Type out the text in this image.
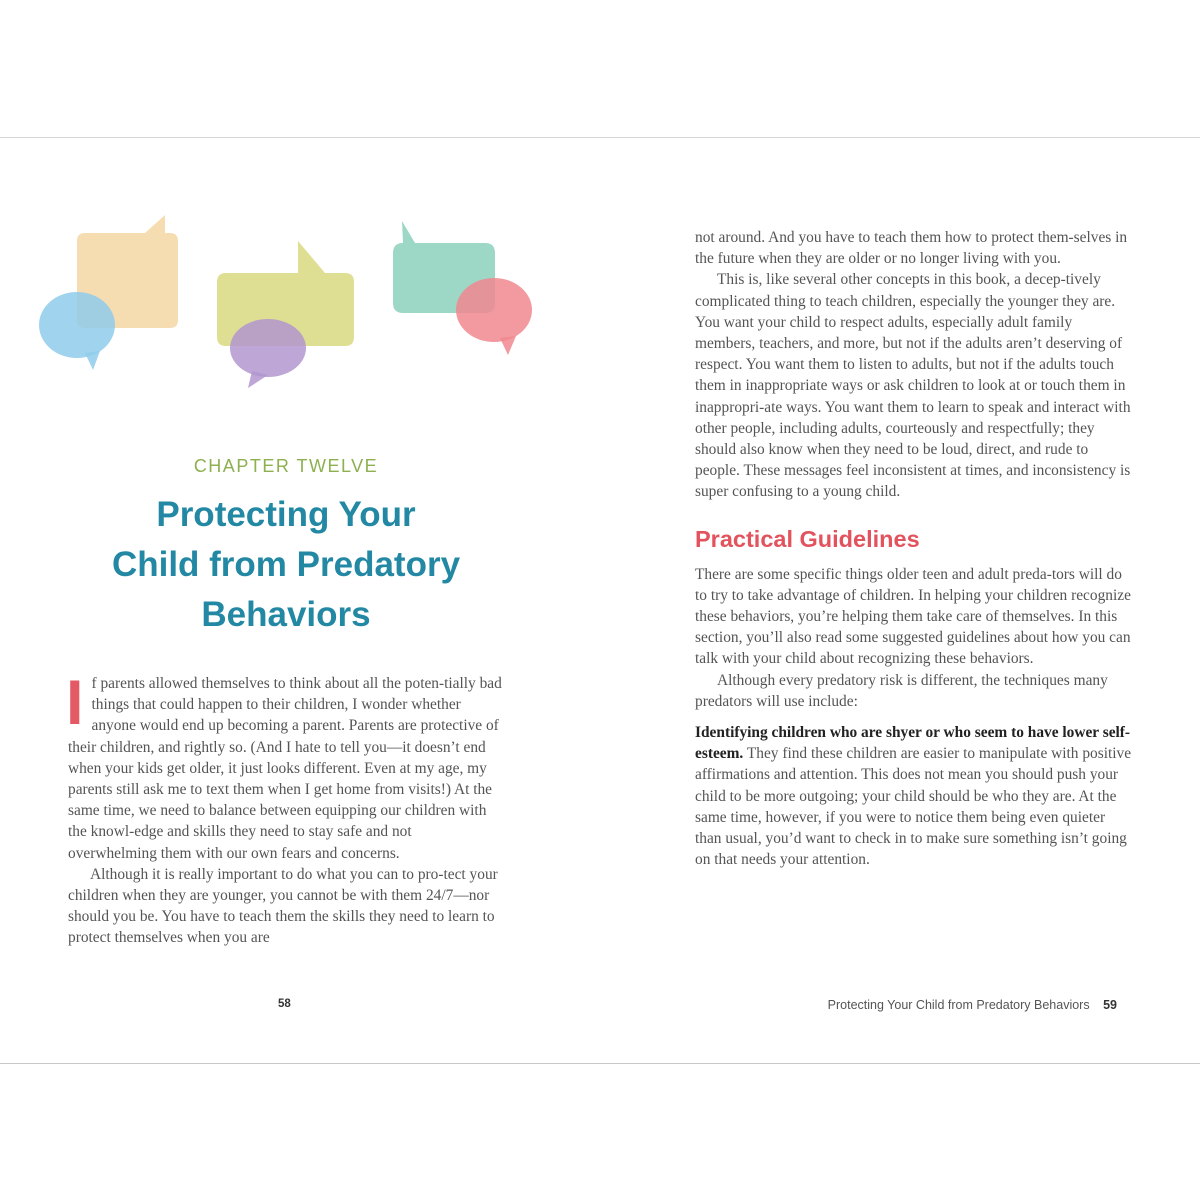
CHAPTER TWELVE
Protecting Your
Child from Predatory
Behaviors

If parents allowed themselves to think about all the poten-tially bad things that could happen to their children, I wonder whether anyone would end up becoming a parent. Parents are protective of their children, and rightly so. (And I hate to tell you—it doesn’t end when your kids get older, it just looks different. Even at my age, my parents still ask me to text them when I get home from visits!) At the same time, we need to balance between equipping our children with the knowl-edge and skills they need to stay safe and not overwhelming them with our own fears and concerns.

Although it is really important to do what you can to pro-tect your children when they are younger, you cannot be with them 24/7—nor should you be. You have to teach them the skills they need to learn to protect themselves when you are

58

not around. And you have to teach them how to protect them-selves in the future when they are older or no longer living with you.

This is, like several other concepts in this book, a decep-tively complicated thing to teach children, especially the younger they are. You want your child to respect adults, especially adult family members, teachers, and more, but not if the adults aren’t deserving of respect. You want them to listen to adults, but not if the adults touch them in inappropriate ways or ask children to look at or touch them in inappropri-ate ways. You want them to learn to speak and interact with other people, including adults, courteously and respectfully; they should also know when they need to be loud, direct, and rude to people. These messages feel inconsistent at times, and inconsistency is super confusing to a young child.

Practical Guidelines

There are some specific things older teen and adult preda-tors will do to try to take advantage of children. In helping your children recognize these behaviors, you’re helping them take care of themselves. In this section, you’ll also read some suggested guidelines about how you can talk with your child about recognizing these behaviors.

Although every predatory risk is different, the techniques many predators will use include:

Identifying children who are shyer or who seem to have lower self-esteem. They find these children are easier to manipulate with positive affirmations and attention. This does not mean you should push your child to be more outgoing; your child should be who they are. At the same time, however, if you were to notice them being even quieter than usual, you’d want to check in to make sure something isn’t going on that needs your attention.

Protecting Your Child from Predatory Behaviors 59
